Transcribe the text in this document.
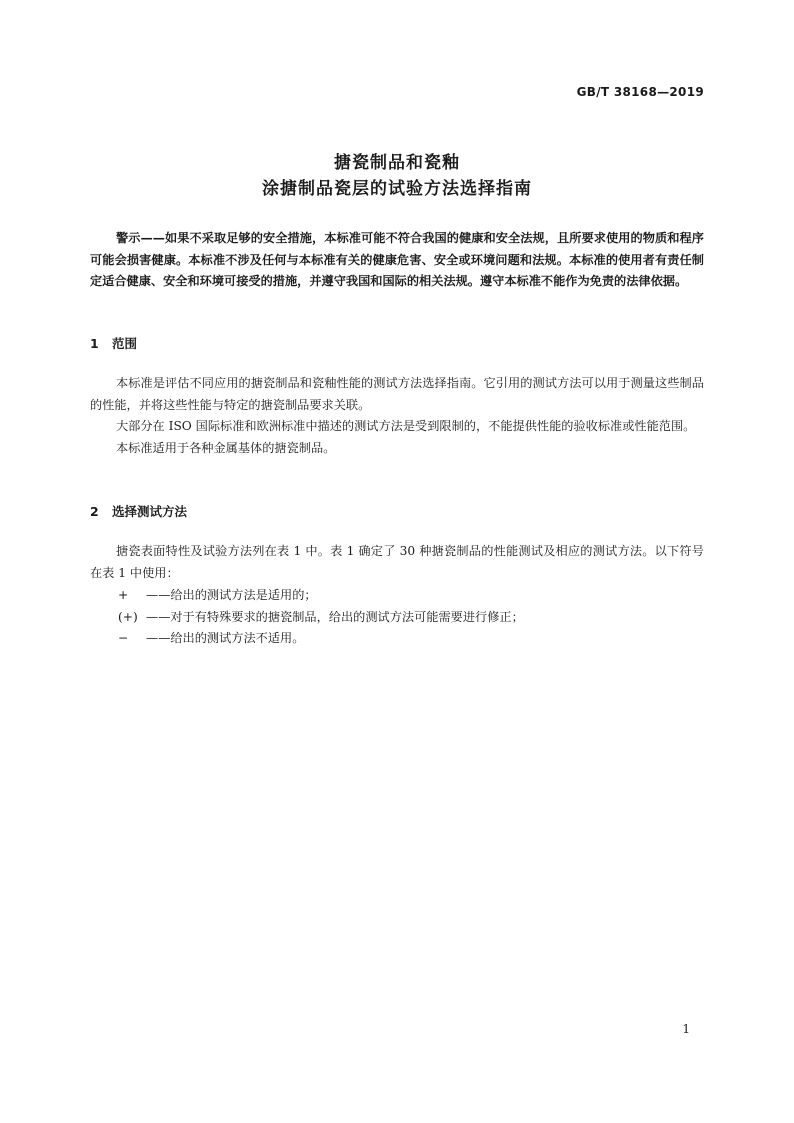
GB/T 38168—2019
搪瓷制品和瓷釉
涂搪制品瓷层的试验方法选择指南
警示——如果不采取足够的安全措施，本标准可能不符合我国的健康和安全法规，且所要求使用的物质和程序可能会损害健康。本标准不涉及任何与本标准有关的健康危害、安全或环境问题和法规。本标准的使用者有责任制定适合健康、安全和环境可接受的措施，并遵守我国和国际的相关法规。遵守本标准不能作为免责的法律依据。
1 范围

本标准是评估不同应用的搪瓷制品和瓷釉性能的测试方法选择指南。它引用的测试方法可以用于测量这些制品的性能，并将这些性能与特定的搪瓷制品要求关联。

大部分在 ISO 国际标准和欧洲标准中描述的测试方法是受到限制的，不能提供性能的验收标准或性能范围。

本标准适用于各种金属基体的搪瓷制品。

2 选择测试方法

搪瓷表面特性及试验方法列在表 1 中。表 1 确定了 30 种搪瓷制品的性能测试及相应的测试方法。以下符号在表 1 中使用：

+ ——给出的测试方法是适用的；
(+) ——对于有特殊要求的搪瓷制品，给出的测试方法可能需要进行修正；
− ——给出的测试方法不适用。
1
